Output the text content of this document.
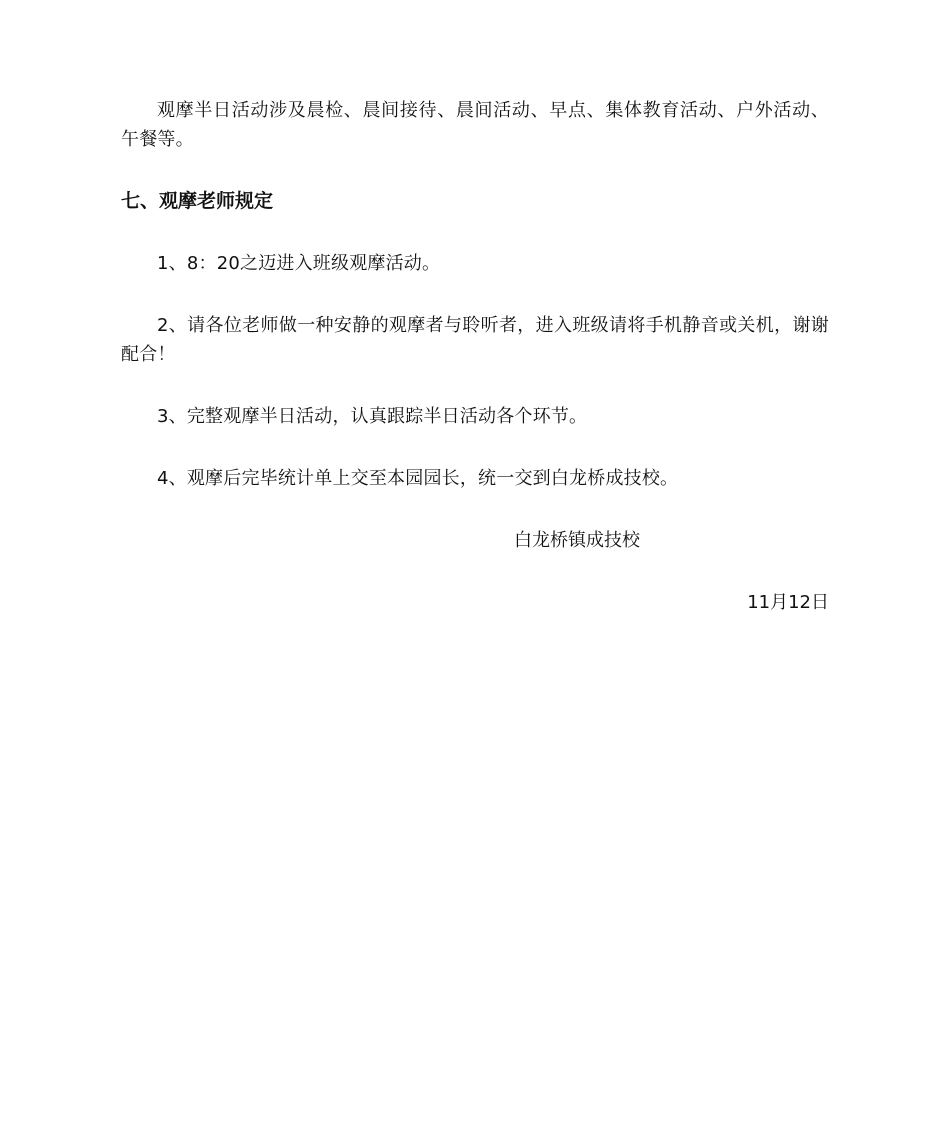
观摩半日活动涉及晨检、晨间接待、晨间活动、早点、集体教育活动、户外活动、午餐等。

七、观摩老师规定

1、8：20之迈进入班级观摩活动。

2、请各位老师做一种安静的观摩者与聆听者，进入班级请将手机静音或关机，谢谢配合！

3、完整观摩半日活动，认真跟踪半日活动各个环节。

4、观摩后完毕统计单上交至本园园长，统一交到白龙桥成技校。

白龙桥镇成技校

11月12日
